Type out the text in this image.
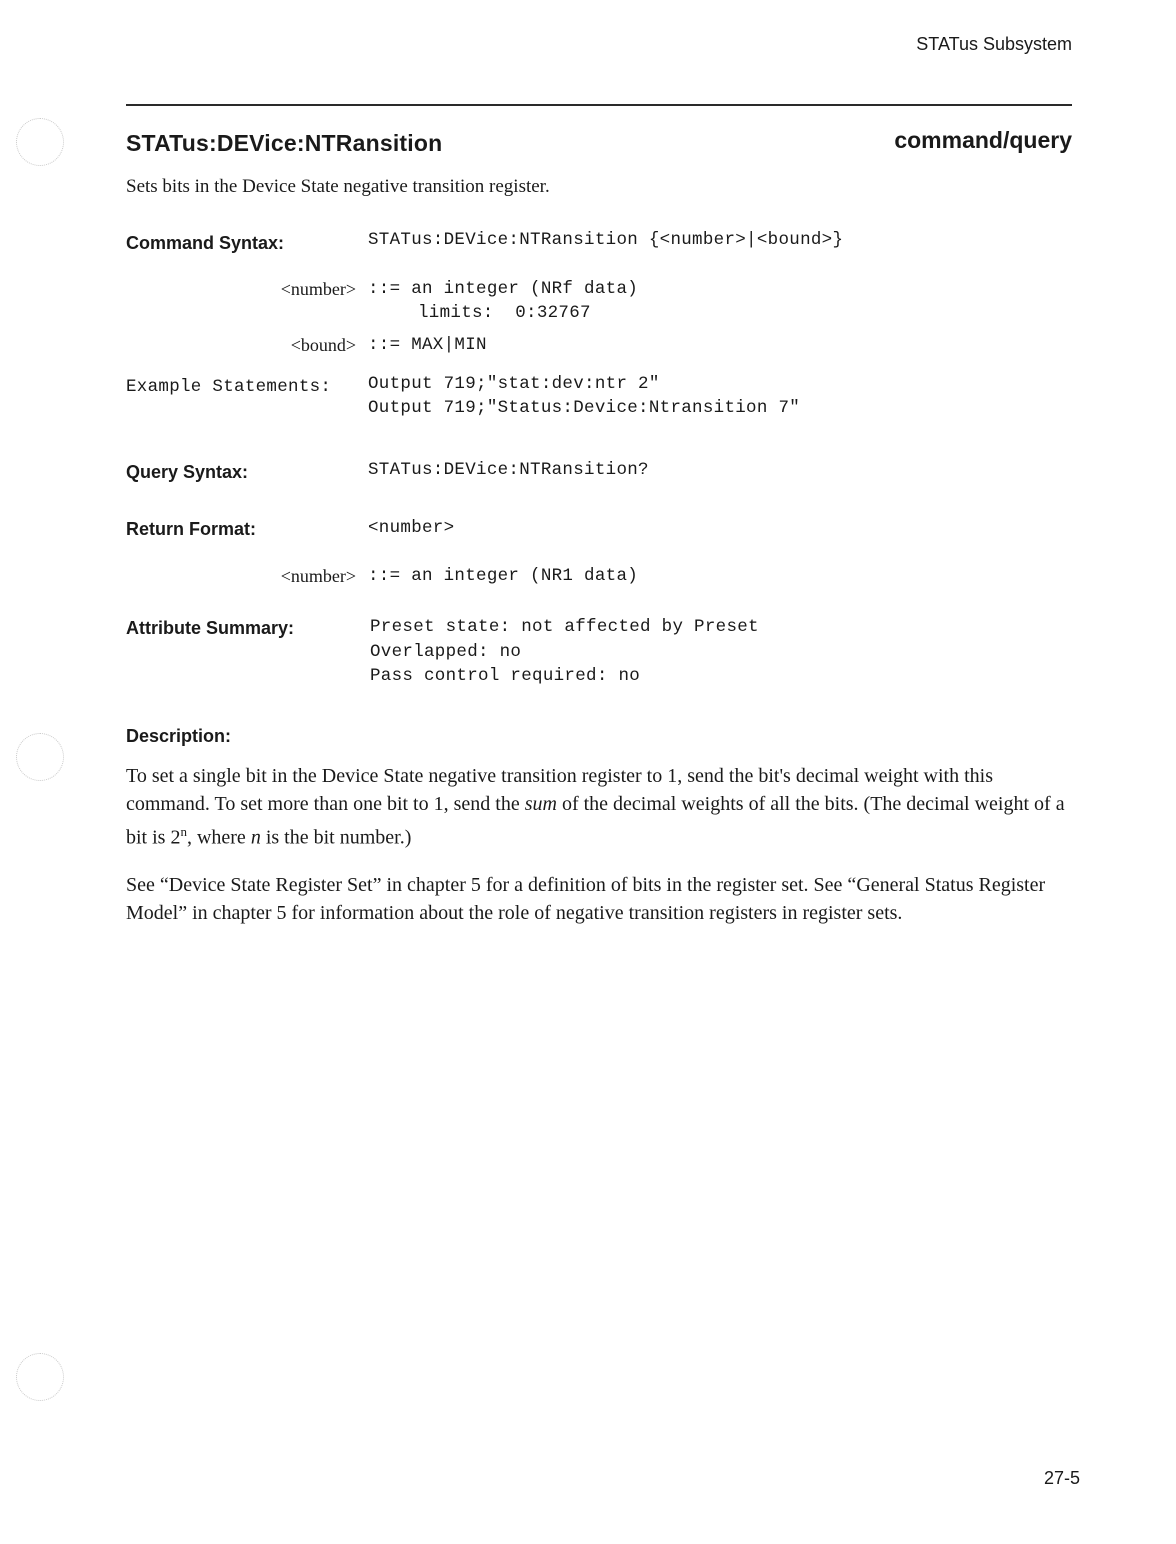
STATus Subsystem
STATus:DEVice:NTRansition	command/query
Sets bits in the Device State negative transition register.
Command Syntax:	STATus:DEVice:NTRansition {<number>|<bound>}
<number> ::= an integer (NRf data)
limits:  0:32767
<bound> ::= MAX|MIN
Example Statements: Output 719;"stat:dev:ntr 2"
Output 719;"Status:Device:Ntransition 7"
Query Syntax:	STATus:DEVice:NTRansition?
Return Format:	<number>
<number> ::= an integer (NR1 data)
Attribute Summary:	Preset state: not affected by Preset
Overlapped: no
Pass control required: no
Description:

To set a single bit in the Device State negative transition register to 1, send the bit's decimal weight with this command. To set more than one bit to 1, send the sum of the decimal weights of all the bits. (The decimal weight of a bit is 2$^n$, where n is the bit number.)

See “Device State Register Set” in chapter 5 for a definition of bits in the register set. See “General Status Register Model” in chapter 5 for information about the role of negative transition registers in register sets.

27-5
